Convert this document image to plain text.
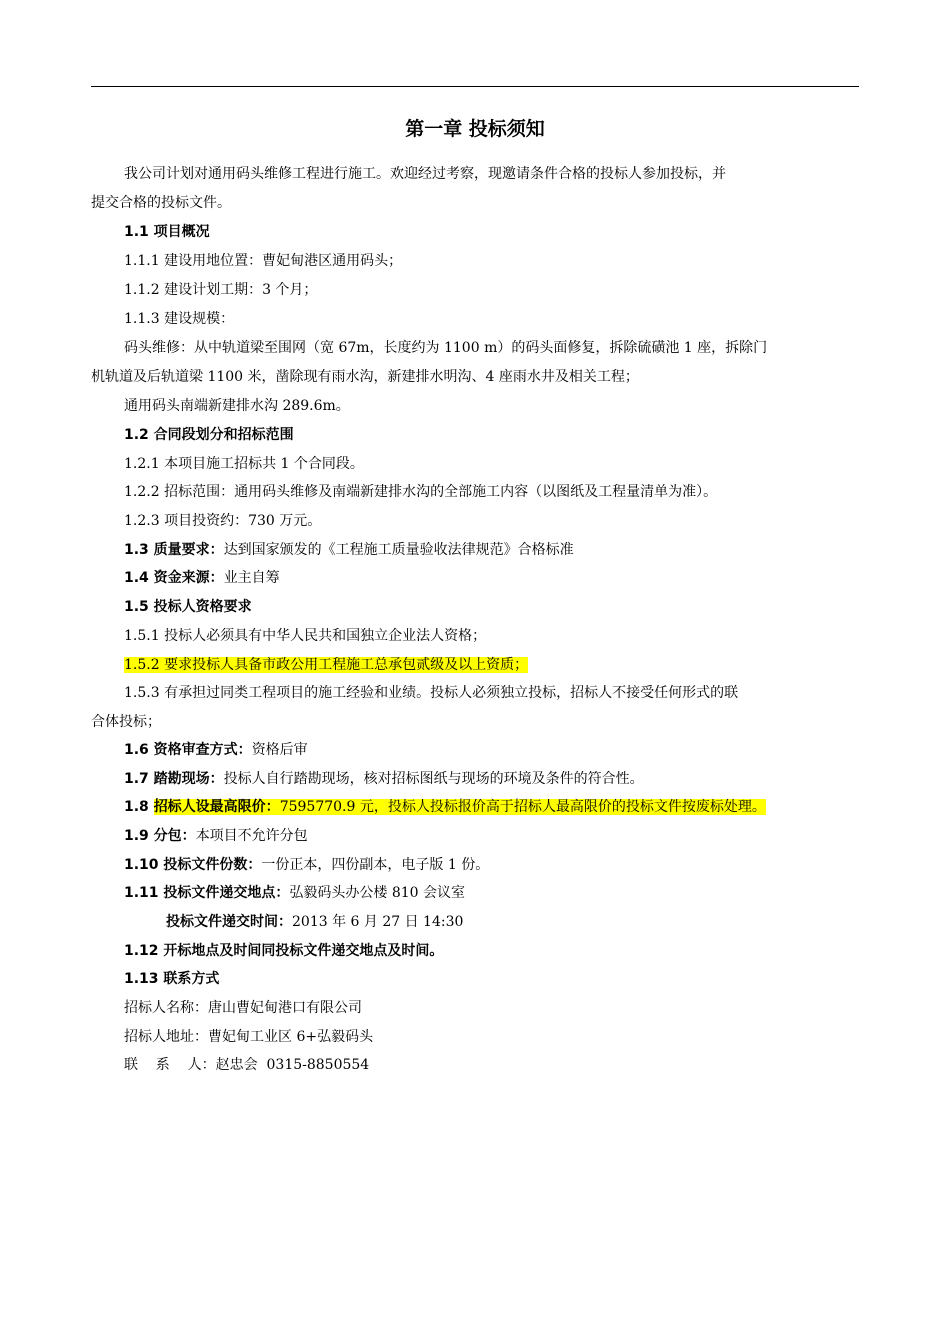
第一章 投标须知
我公司计划对通用码头维修工程进行施工。欢迎经过考察，现邀请条件合格的投标人参加投标，并
提交合格的投标文件。
1.1 项目概况
1.1.1 建设用地位置：曹妃甸港区通用码头；
1.1.2 建设计划工期：3 个月；
1.1.3 建设规模：
码头维修：从中轨道梁至围网（宽 67m，长度约为 1100 m）的码头面修复，拆除硫磺池 1 座，拆除门
机轨道及后轨道梁 1100 米，凿除现有雨水沟，新建排水明沟、4 座雨水井及相关工程；
通用码头南端新建排水沟 289.6m。
1.2 合同段划分和招标范围
1.2.1 本项目施工招标共 1 个合同段。
1.2.2 招标范围：通用码头维修及南端新建排水沟的全部施工内容（以图纸及工程量清单为准）。
1.2.3 项目投资约：730 万元。
1.3 质量要求：达到国家颁发的《工程施工质量验收法律规范》合格标准
1.4 资金来源：业主自筹
1.5 投标人资格要求
1.5.1 投标人必须具有中华人民共和国独立企业法人资格；
1.5.2 要求投标人具备市政公用工程施工总承包贰级及以上资质；
1.5.3 有承担过同类工程项目的施工经验和业绩。投标人必须独立投标，招标人不接受任何形式的联
合体投标；
1.6 资格审查方式：资格后审
1.7 踏勘现场：投标人自行踏勘现场，核对招标图纸与现场的环境及条件的符合性。
1.8 招标人设最高限价：7595770.9 元，投标人投标报价高于招标人最高限价的投标文件按废标处理。
1.9 分包：本项目不允许分包
1.10 投标文件份数：一份正本，四份副本，电子版 1 份。
1.11 投标文件递交地点：弘毅码头办公楼 810 会议室
投标文件递交时间：2013 年 6 月 27 日 14:30
1.12 开标地点及时间同投标文件递交地点及时间。
1.13 联系方式
招标人名称：唐山曹妃甸港口有限公司
招标人地址：曹妃甸工业区 6+弘毅码头
联    系    人：赵忠会  0315-8850554
